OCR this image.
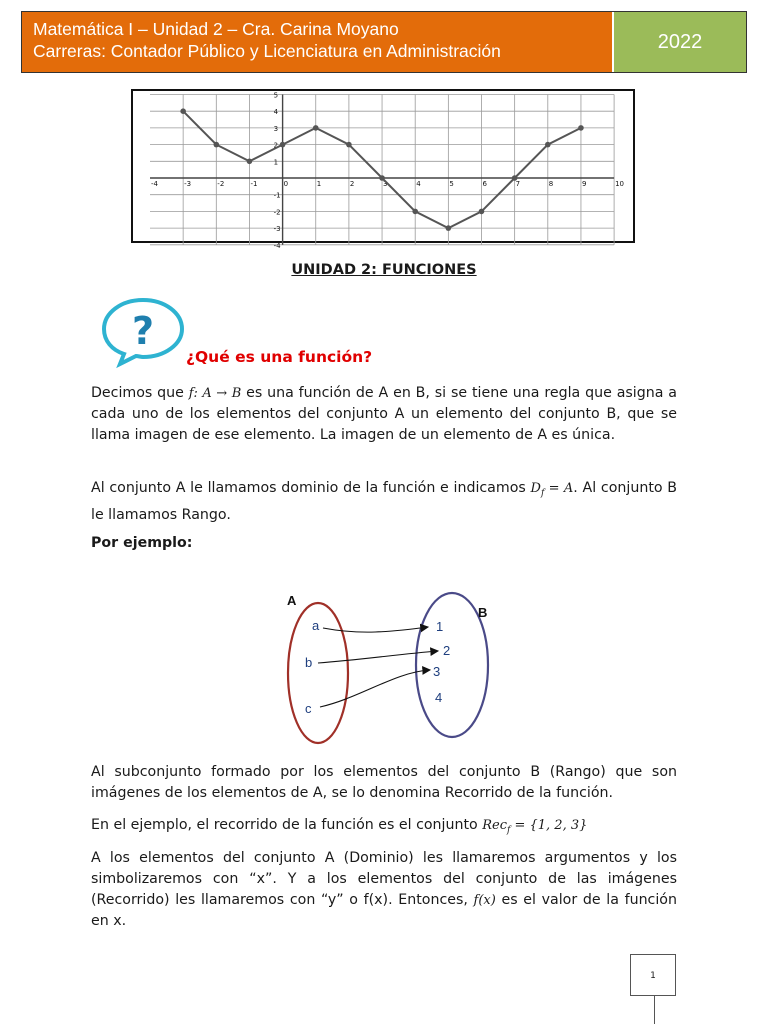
Matemática I – Unidad 2 – Cra. Carina Moyano
Carreras: Contador Público y Licenciatura en Administración	2022
-4	-3	-2	-1	0	1	2	3	4	5	6	7	8	9	10
5
4
3
2
1
-1
-2
-3
-4
UNIDAD 2: FUNCIONES
?
¿Qué es una función?

Decimos que f: A → B es una función de A en B, si se tiene una regla que asigna a cada uno de los elementos del conjunto A un elemento del conjunto B, que se llama imagen de ese elemento. La imagen de un elemento de A es única.

Al conjunto A le llamamos dominio de la función e indicamos $D_f = A$. Al conjunto B le llamamos Rango.

Por ejemplo:
A
B
a
b
c
1
2
3
4

Al subconjunto formado por los elementos del conjunto B (Rango) que son imágenes de los elementos de A, se lo denomina Recorrido de la función.

En el ejemplo, el recorrido de la función es el conjunto Rec$_f$ = {1, 2, 3}

A los elementos del conjunto A (Dominio) les llamaremos argumentos y los simbolizaremos con “x”. Y a los elementos del conjunto de las imágenes (Recorrido) les llamaremos con “y” o f(x). Entonces, f(x) es el valor de la función en x.

1
